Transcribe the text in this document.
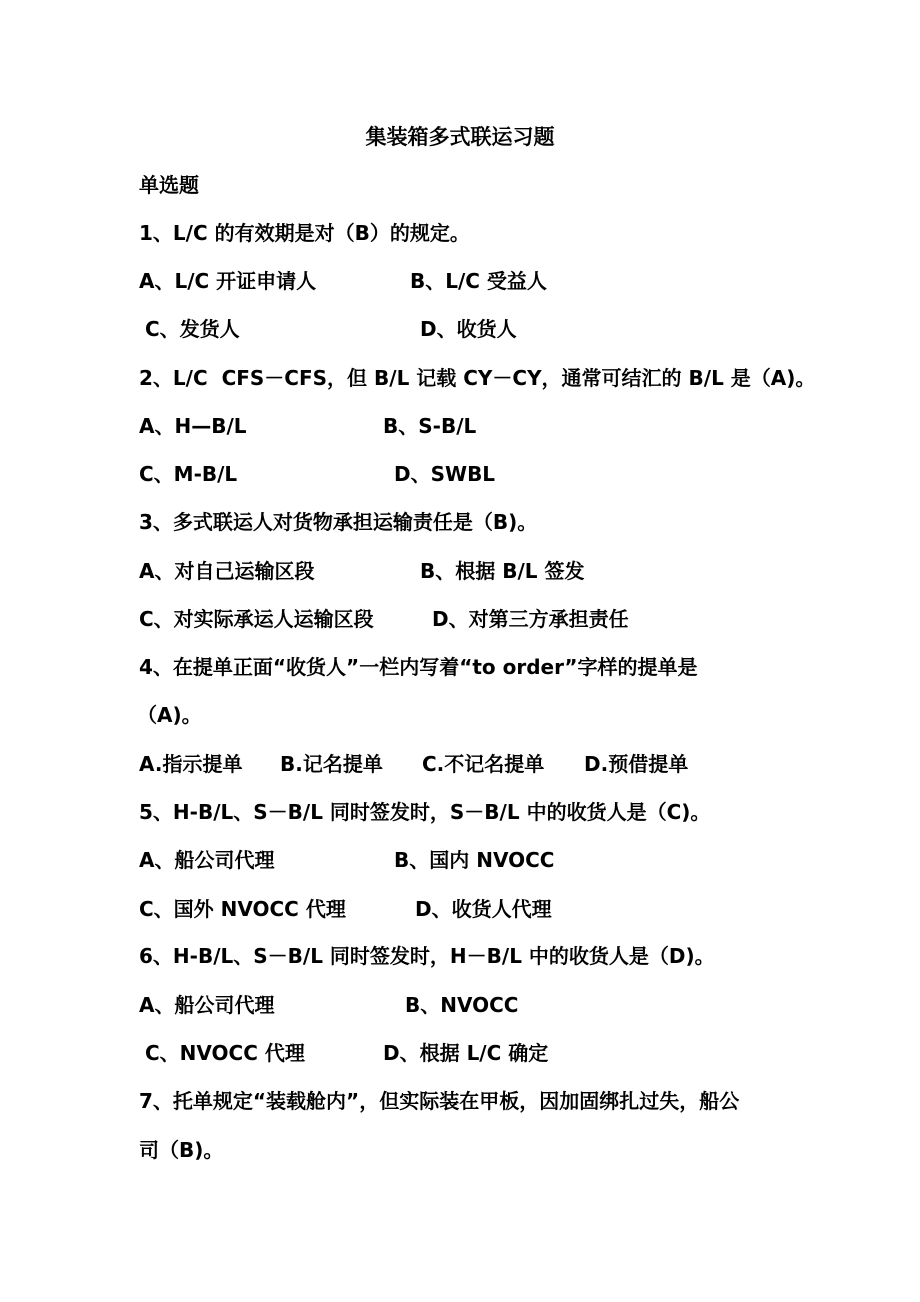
集装箱多式联运习题
单选题
1、L/C 的有效期是对（B）的规定。
A、L/C 开证申请人	B、L/C 受益人
C、发货人	D、收货人
2、L/C  CFS－CFS，但 B/L 记载 CY－CY，通常可结汇的 B/L 是（A)。
A、H—B/L	B、S-B/L
C、M-B/L	D、SWBL
3、多式联运人对货物承担运输责任是（B)。
A、对自己运输区段	B、根据 B/L 签发
C、对实际承运人运输区段	D、对第三方承担责任
4、在提单正面“收货人”一栏内写着“to order”字样的提单是
（A)。
A.指示提单 B.记名提单 C.不记名提单 D.预借提单
5、H-B/L、S－B/L 同时签发时，S－B/L 中的收货人是（C)。
A、船公司代理	B、国内 NVOCC
C、国外 NVOCC 代理	D、收货人代理
6、H-B/L、S－B/L 同时签发时，H－B/L 中的收货人是（D)。
A、船公司代理	B、NVOCC
C、NVOCC 代理	D、根据 L/C 确定
7、托单规定“装载舱内”，但实际装在甲板，因加固绑扎过失，船公
司（B)。
